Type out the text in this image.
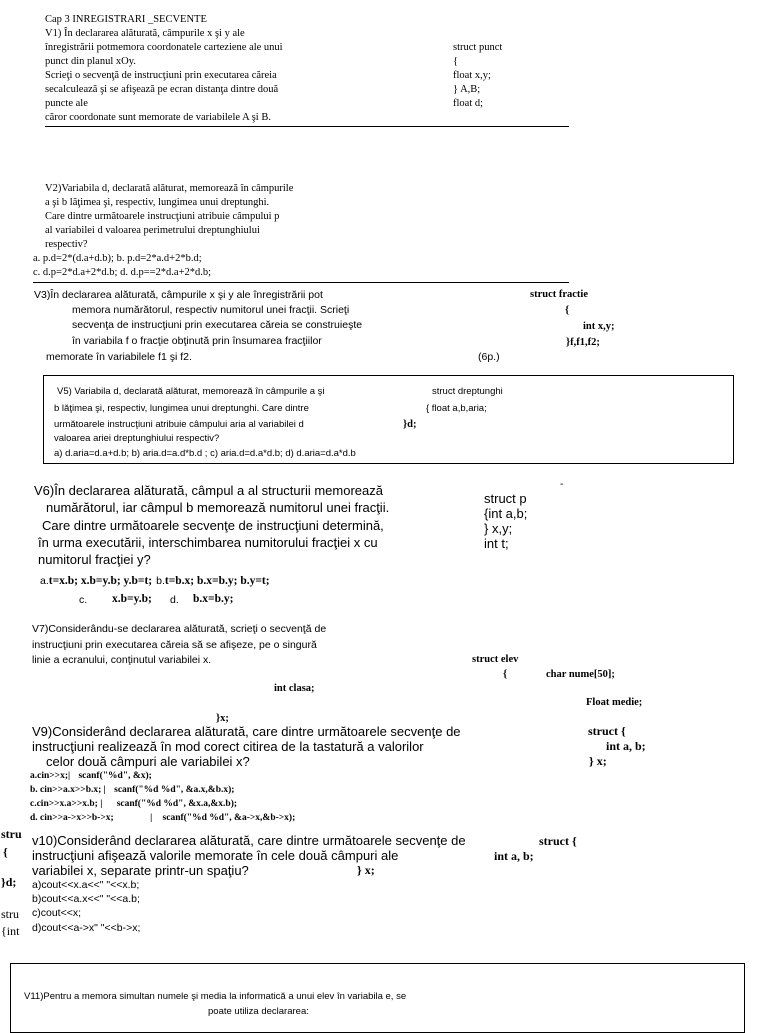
Cap 3 INREGISTRARI _SECVENTE
V1) În declararea alăturată, câmpurile x şi y ale
înregistrării potmemora coordonatele carteziene ale unui
punct din planul xOy.
Scrieţi o secvenţă de instrucţiuni prin executarea căreia
secalculează şi se afişează pe ecran distanţa dintre două
puncte ale
căror coordonate sunt memorate de variabilele A şi B.
struct punct
{
float x,y;
} A,B;
float d;
V2)Variabila d, declarată alăturat, memorează în câmpurile
a şi b lăţimea şi, respectiv, lungimea unui dreptunghi.
Care dintre următoarele instrucţiuni atribuie câmpului p
al variabilei d valoarea perimetrului dreptunghiului
respectiv?
a. p.d=2*(d.a+d.b); b. p.d=2*a.d+2*b.d;
c. d.p=2*d.a+2*d.b; d. d.p==2*d.a+2*d.b;
V3)În declararea alăturată, câmpurile x şi y ale înregistrării pot
memora numărătorul, respectiv numitorul unei fracţii. Scrieţi
secvenţa de instrucţiuni prin executarea căreia se construieşte
în variabila f o fracţie obţinută prin însumarea fracţiilor
memorate în variabilele f1 şi f2.	(6p.)
struct fractie
{
int x,y;
}f,f1,f2;
V5) Variabila d, declarată alăturat, memorează în câmpurile a şi
b lăţimea şi, respectiv, lungimea unui dreptunghi. Care dintre
următoarele instrucţiuni atribuie câmpului aria al variabilei d
valoarea ariei dreptunghiului respectiv?
a) d.aria=d.a+d.b; b) aria.d=a.d*b.d ; c) aria.d=d.a*d.b; d) d.aria=d.a*d.b
struct dreptunghi
{ float a,b,aria;
}d;
V6)În declararea alăturată, câmpul a al structurii memorează
numărătorul, iar câmpul b memorează numitorul unei fracţii.
Care dintre următoarele secvenţe de instrucţiuni determină,
în urma executării, interschimbarea numitorului fracţiei x cu
numitorul fracţiei y?
a.t=x.b; x.b=y.b; y.b=t; b.t=b.x; b.x=b.y; b.y=t;
c. x.b=y.b; d. b.x=b.y;
struct p
{int a,b;
} x,y;
int t;
-
V7)Considerându-se declararea alăturată, scrieţi o secvenţă de
instrucţiuni prin executarea căreia să se afişeze, pe o singură
linie a ecranului, conţinutul variabilei x.	struct elev
{	char nume[50];
int clasa;
Float medie;
}x;
V9)Considerând declararea alăturată, care dintre următoarele secvenţe de
instrucţiuni realizează în mod corect citirea de la tastatură a valorilor
celor două câmpuri ale variabilei x?
a.cin>>x;| scanf("%d", &x);
b. cin>>a.x>>b.x; | scanf("%d %d", &a.x,&b.x);
c.cin>>x.a>>x.b; | scanf("%d %d", &x.a,&x.b);
d. cin>>a->x>>b->x;	| scanf("%d %d", &a->x,&b->x);
struct {
int a, b;
} x;
v10)Considerând declararea alăturată, care dintre următoarele secvenţe de
instrucţiuni afişează valorile memorate în cele două câmpuri ale
variabilei x, separate printr-un spaţiu?
a)cout<<x.a<<" "<<x.b;
b)cout<<a.x<<" "<<a.b;
c)cout<<x;
d)cout<<a->x" "<<b->x;
struct {
int a, b;
} x;
stru
{
}d;
stru
{int
V11)Pentru a memora simultan numele şi media la informatică a unui elev în variabila e, se
poate utiliza declararea:
